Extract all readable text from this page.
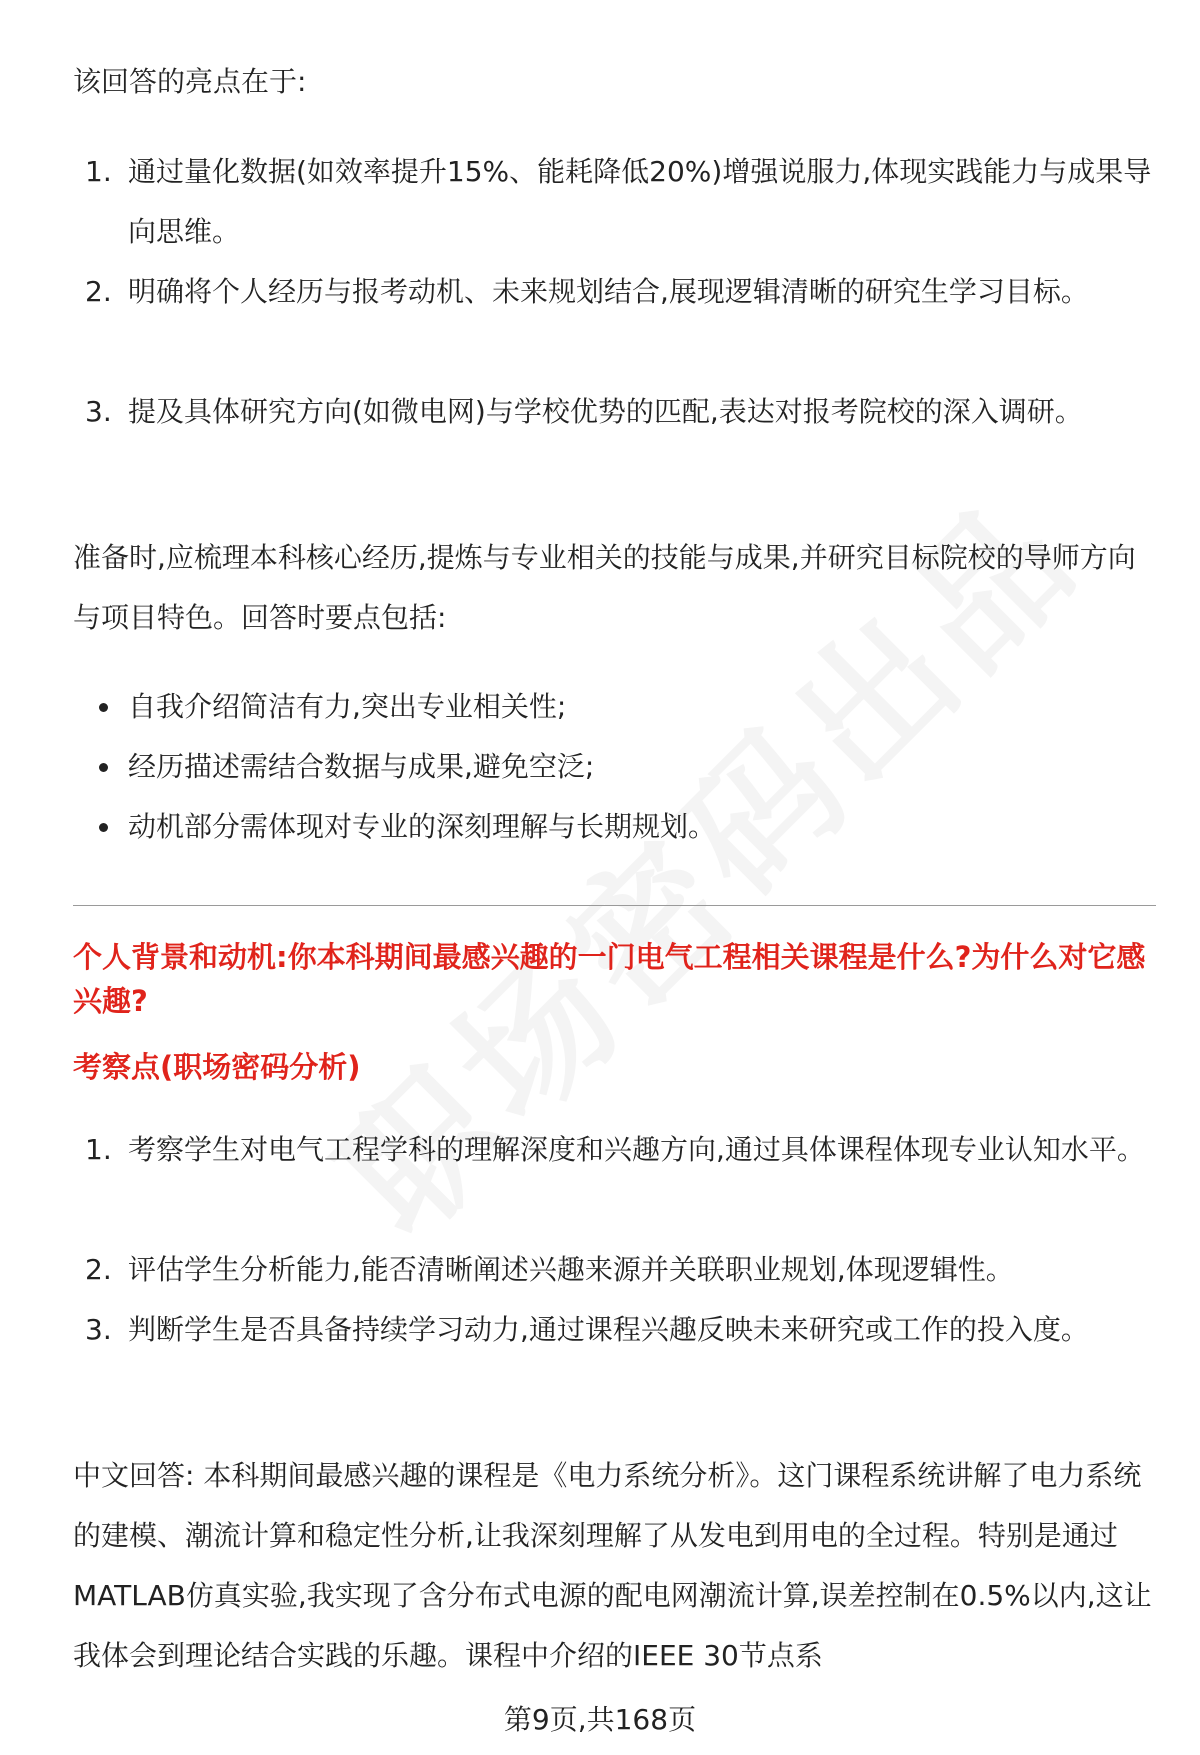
该回答的亮点在于:

1. 通过量化数据(如效率提升15%、能耗降低20%)增强说服力,体现实践能力与成果导向思维。
2. 明确将个人经历与报考动机、未来规划结合,展现逻辑清晰的研究生学习目标。
3. 提及具体研究方向(如微电网)与学校优势的匹配,表达对报考院校的深入调研。

准备时,应梳理本科核心经历,提炼与专业相关的技能与成果,并研究目标院校的导师方向与项目特色。回答时要点包括:

自我介绍简洁有力,突出专业相关性;
经历描述需结合数据与成果,避免空泛;
动机部分需体现对专业的深刻理解与长期规划。
个人背景和动机:你本科期间最感兴趣的一门电气工程相关课程是什么?为什么对它感兴趣?
考察点(职场密码分析)
1. 考察学生对电气工程学科的理解深度和兴趣方向,通过具体课程体现专业认知水平。
2. 评估学生分析能力,能否清晰阐述兴趣来源并关联职业规划,体现逻辑性。
3. 判断学生是否具备持续学习动力,通过课程兴趣反映未来研究或工作的投入度。

中文回答: 本科期间最感兴趣的课程是《电力系统分析》。这门课程系统讲解了电力系统的建模、潮流计算和稳定性分析,让我深刻理解了从发电到用电的全过程。特别是通过MATLAB仿真实验,我实现了含分布式电源的配电网潮流计算,误差控制在0.5%以内,这让我体会到理论结合实践的乐趣。课程中介绍的IEEE 30节点系

第9页,共168页
